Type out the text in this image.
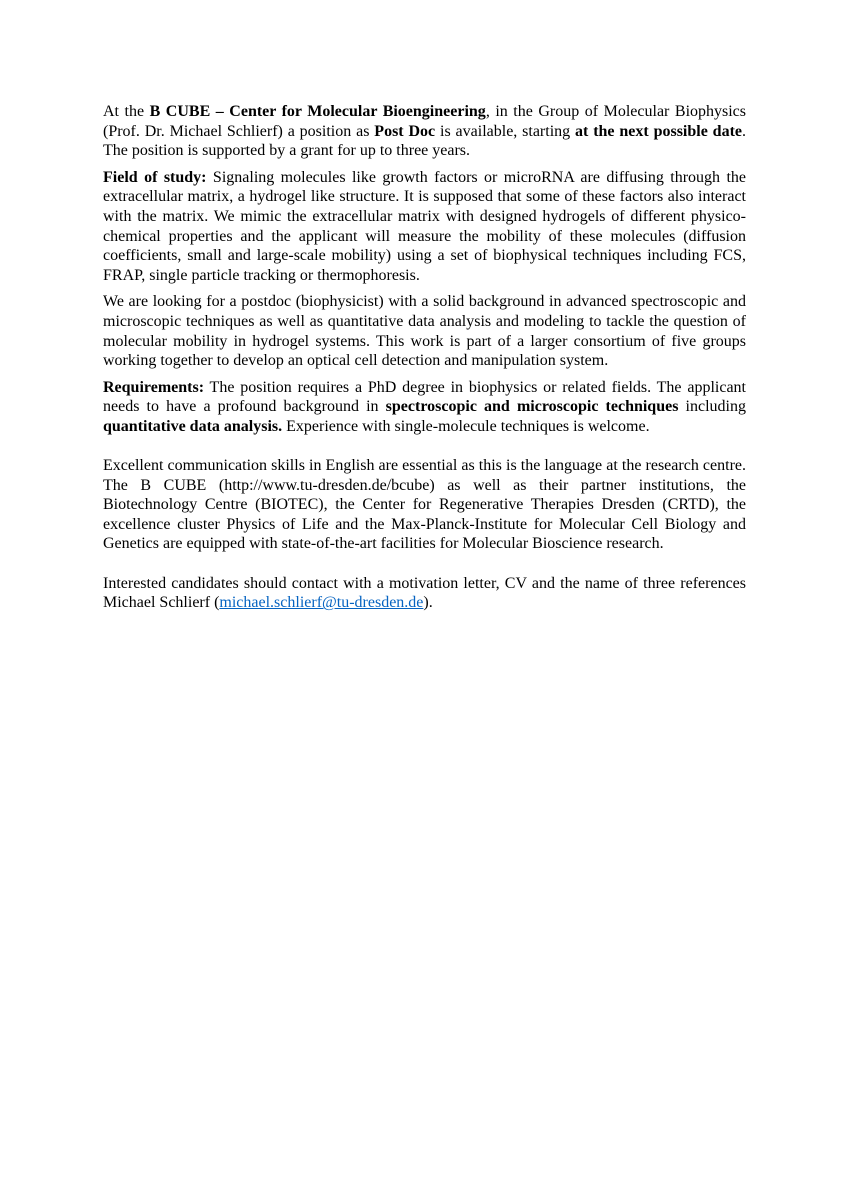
At the B CUBE – Center for Molecular Bioengineering, in the Group of Molecular Biophysics (Prof. Dr. Michael Schlierf) a position as Post Doc is available, starting at the next possible date. The position is supported by a grant for up to three years.

Field of study: Signaling molecules like growth factors or microRNA are diffusing through the extracellular matrix, a hydrogel like structure. It is supposed that some of these factors also interact with the matrix. We mimic the extracellular matrix with designed hydrogels of different physico-chemical properties and the applicant will measure the mobility of these molecules (diffusion coefficients, small and large-scale mobility) using a set of biophysical techniques including FCS, FRAP, single particle tracking or thermophoresis.

We are looking for a postdoc (biophysicist) with a solid background in advanced spectroscopic and microscopic techniques as well as quantitative data analysis and modeling to tackle the question of molecular mobility in hydrogel systems. This work is part of a larger consortium of five groups working together to develop an optical cell detection and manipulation system.

Requirements: The position requires a PhD degree in biophysics or related fields. The applicant needs to have a profound background in spectroscopic and microscopic techniques including quantitative data analysis. Experience with single-molecule techniques is welcome.

Excellent communication skills in English are essential as this is the language at the research centre. The B CUBE (http://www.tu-dresden.de/bcube) as well as their partner institutions, the Biotechnology Centre (BIOTEC), the Center for Regenerative Therapies Dresden (CRTD), the excellence cluster Physics of Life and the Max-Planck-Institute for Molecular Cell Biology and Genetics are equipped with state-of-the-art facilities for Molecular Bioscience research.

Interested candidates should contact with a motivation letter, CV and the name of three references Michael Schlierf (michael.schlierf@tu-dresden.de).
